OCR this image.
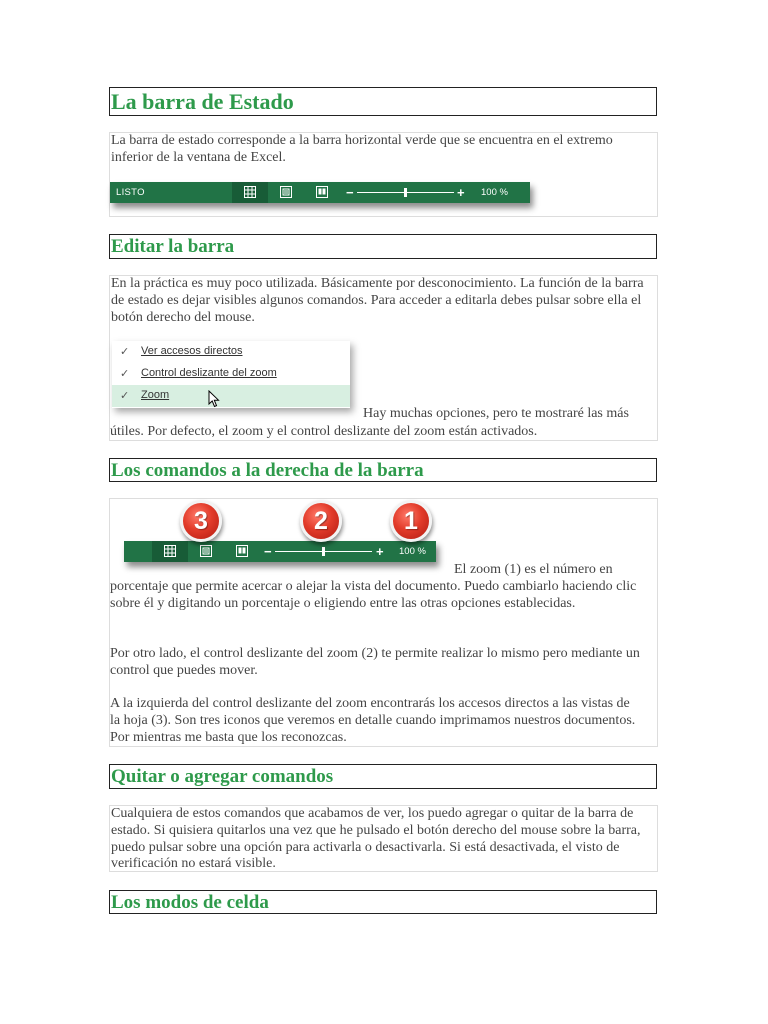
La barra de Estado

La barra de estado corresponde a la barra horizontal verde que se encuentra en el extremo inferior de la ventana de Excel.

LISTO	−	+ 100 %
Editar la barra

En la práctica es muy poco utilizada. Básicamente por desconocimiento. La función de la barra de estado es dejar visibles algunos comandos. Para acceder a editarla debes pulsar sobre ella el botón derecho del mouse.

Hay muchas opciones, pero te mostraré las más

útiles. Por defecto, el zoom y el control deslizante del zoom están activados.

✓ Ver accesos directos
✓ Control deslizante del zoom
✓ Zoom
Los comandos a la derecha de la barra

El zoom (1) es el número en

porcentaje que permite acercar o alejar la vista del documento. Puedo cambiarlo haciendo clic sobre él y digitando un porcentaje o eligiendo entre las otras opciones establecidas.

Por otro lado, el control deslizante del zoom (2) te permite realizar lo mismo pero mediante un control que puedes mover.

A la izquierda del control deslizante del zoom encontrarás los accesos directos a las vistas de la hoja (3). Son tres iconos que veremos en detalle cuando imprimamos nuestros documentos. Por mientras me basta que los reconozcas.

−	+ 100 %
3	2	1
Quitar o agregar comandos

Cualquiera de estos comandos que acabamos de ver, los puedo agregar o quitar de la barra de estado. Si quisiera quitarlos una vez que he pulsado el botón derecho del mouse sobre la barra, puedo pulsar sobre una opción para activarla o desactivarla. Si está desactivada, el visto de verificación no estará visible.

Los modos de celda
